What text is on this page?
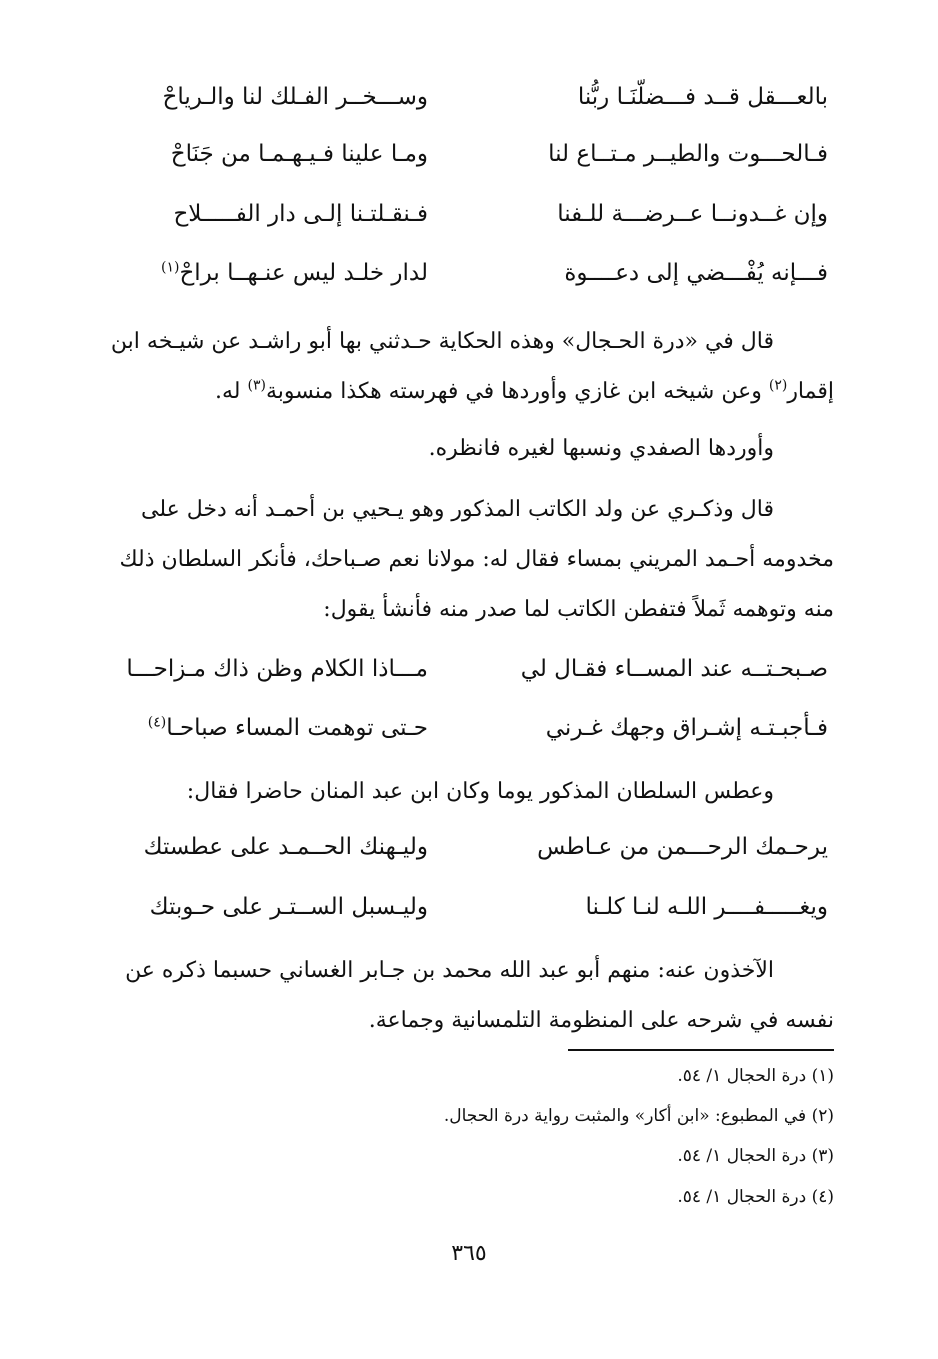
بالعـــقل قــد فـــضلّنَـا ربُّنا
وســـخــر الفـلك لنا والـرياحْ
فـالحـــوت والطيــر مـتــاع لنا
ومـا علينا فـيـهـمـا من جَنَاحْ
وإن غــدونــا عــرضـــة للـفنا
فـنقـلتـنا إلـى دار الفـــــلاح
فـــإنه يُفْـــضي إلى دعــــوة
لدار خلـد ليس عنـهــا براحْ$^{(١)}$
قال في «درة الحـجال» وهذه الحكاية حـدثني بها أبو راشـد عن شيـخه ابن
إقمار$^{(٢)}$ وعن شيخه ابن غازي وأوردها في فهرسته هكذا منسوبة$^{(٣)}$ له.
وأوردها الصفدي ونسبها لغيره فانظره.
قال وذكـري عن ولد الكاتب المذكور وهو يـحيي بن أحمـد أنه دخل على
مخدومه أحـمد المريني بمساء فقال له: مولانا نعم صـباحك، فأنكر السلطان ذلك
منه وتوهمه ثَملاً فتفطن الكاتب لما صدر منه فأنشأ يقول:
صـبحـتــه عند المســاء فقـال لي
مـــاذا الكلام وظن ذاك مـزاحـــا
فـأجبـتـه إشـراق وجهك غـرني
حـتى توهمت المساء صباحـا$^{(٤)}$
وعطس السلطان المذكور يوما وكان ابن عبد المنان حاضرا فقال:
يرحـمك الرحـــمن من عـاطس
وليـهنك الحــمـد على عطستك
ويغـــــفــــر اللـه لنـا كلـنا
وليـسبل الســتـر على حـوبتك
الآخذون عنه: منهم أبو عبد الله محمد بن جـابر الغساني حسبما ذكره عن
نفسه في شرحه على المنظومة التلمسانية وجماعة.
(١) درة الحجال ١/ ٥٤.
(٢) في المطبوع: «ابن أكار» والمثبت رواية درة الحجال.
(٣) درة الحجال ١/ ٥٤.
(٤) درة الحجال ١/ ٥٤.
٣٦٥
